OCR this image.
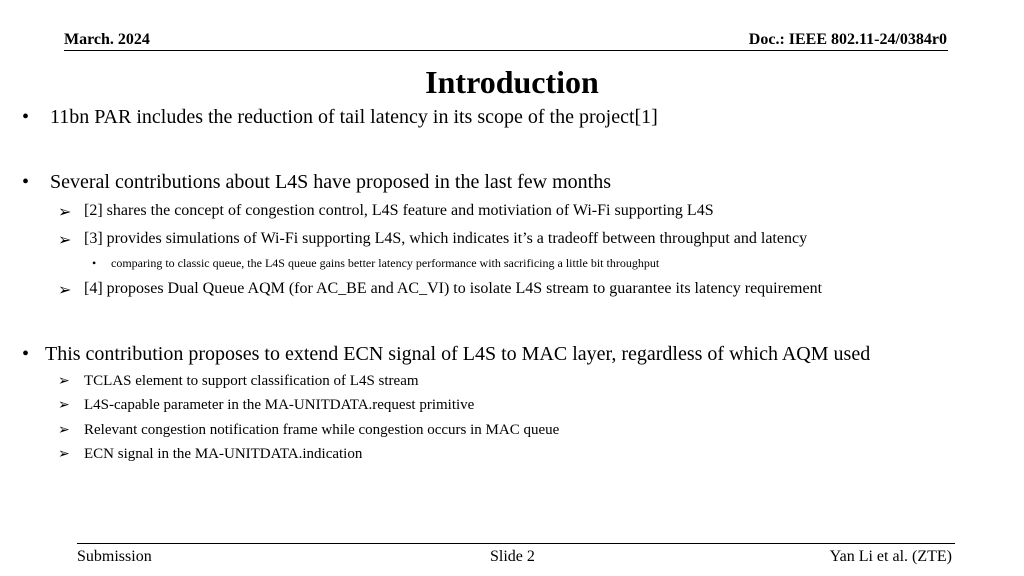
March. 2024	Doc.: IEEE 802.11-24/0384r0
Introduction
• 11bn PAR includes the reduction of tail latency in its scope of the project[1]
• Several contributions about L4S have proposed in the last few months
➢ [2] shares the concept of congestion control, L4S feature and motiviation of Wi-Fi supporting L4S
➢ [3] provides simulations of Wi-Fi supporting L4S, which indicates it’s a tradeoff between throughput and latency
• comparing to classic queue, the L4S queue gains better latency performance with sacrificing a little bit throughput
➢ [4] proposes Dual Queue AQM (for AC_BE and AC_VI) to isolate L4S stream to guarantee its latency requirement
• This contribution proposes to extend ECN signal of L4S to MAC layer, regardless of which AQM used
➢ TCLAS element to support classification of L4S stream
➢ L4S-capable parameter in the MA-UNITDATA.request primitive
➢ Relevant congestion notification frame while congestion occurs in MAC queue
➢ ECN signal in the MA-UNITDATA.indication
Submission	Slide 2	Yan Li et al. (ZTE)
